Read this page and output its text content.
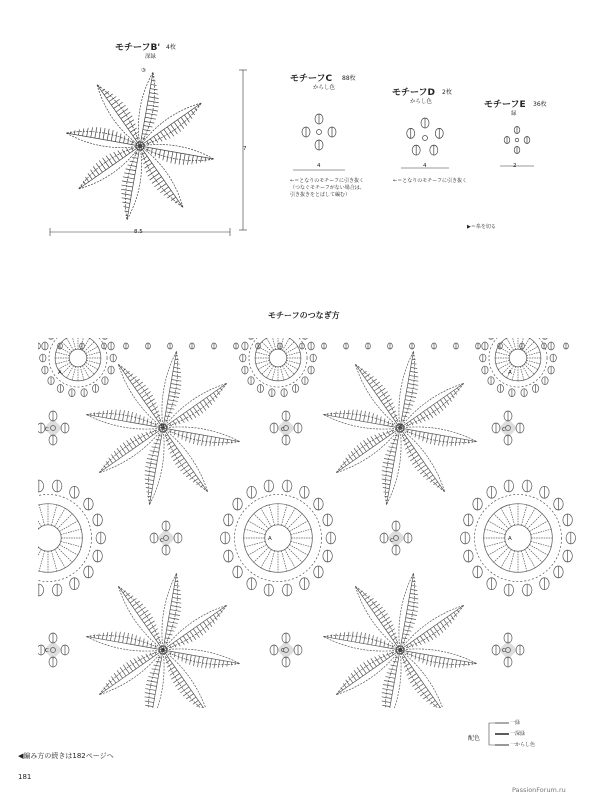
モチーフB' 4枚
深緑
7
8.5
③
モチーフC 88枚
からし色
4
←＝となりのモチーフに引き抜く
（つなぐモチーフがない場合は、
引き抜きをとばして編む）
モチーフD 2枚
からし色
4
←＝となりのモチーフに引き抜く
モチーフE 36枚
緑
2
▶＝糸を切る
モチーフのつなぎ方
B	B
B	B
A	A
A	A
C	C	C
C	C
C	C	C
配色
一緑
一深緑
一からし色
◀編み方の続きは182ページへ
181
PassionForum.ru
